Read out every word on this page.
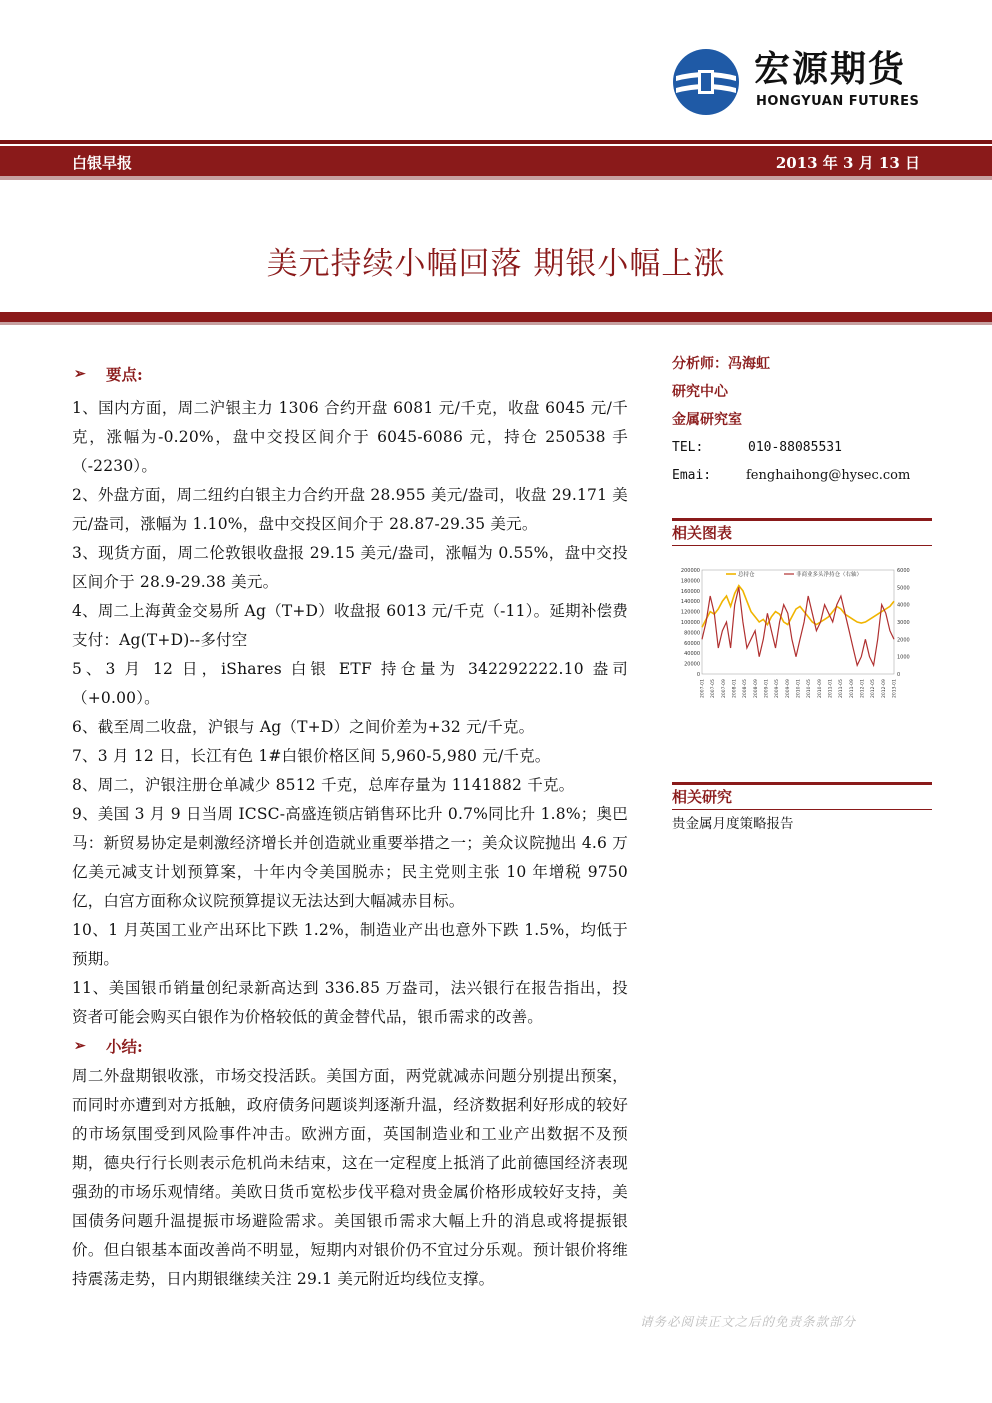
宏源期货
HONGYUAN FUTURES
白银早报	2013 年 3 月 13 日
美元持续小幅回落 期银小幅上涨
➢ 要点:

1、国内方面，周二沪银主力 1306 合约开盘 6081 元/千克，收盘 6045 元/千克，涨幅为-0.20%，盘中交投区间介于 6045-6086 元，持仓 250538 手（-2230）。

2、外盘方面，周二纽约白银主力合约开盘 28.955 美元/盎司，收盘 29.171 美元/盎司，涨幅为 1.10%，盘中交投区间介于 28.87-29.35 美元。

3、现货方面，周二伦敦银收盘报 29.15 美元/盎司，涨幅为 0.55%，盘中交投区间介于 28.9-29.38 美元。

4、周二上海黄金交易所 Ag（T+D）收盘报 6013 元/千克（-11）。延期补偿费支付：Ag(T+D)--多付空

5、3 月 12 日，iShares 白银 ETF 持仓量为 342292222.10 盎司（+0.00）。

6、截至周二收盘，沪银与 Ag（T+D）之间价差为+32 元/千克。

7、3 月 12 日，长江有色 1#白银价格区间 5,960-5,980 元/千克。

8、周二，沪银注册仓单减少 8512 千克，总库存量为 1141882 千克。

9、美国 3 月 9 日当周 ICSC-高盛连锁店销售环比升 0.7%同比升 1.8%；奥巴马：新贸易协定是刺激经济增长并创造就业重要举措之一；美众议院抛出 4.6 万亿美元减支计划预算案，十年内令美国脱赤；民主党则主张 10 年增税 9750 亿，白宫方面称众议院预算提议无法达到大幅减赤目标。

10、1 月英国工业产出环比下跌 1.2%，制造业产出也意外下跌 1.5%，均低于预期。

11、美国银币销量创纪录新高达到 336.85 万盎司，法兴银行在报告指出，投资者可能会购买白银作为价格较低的黄金替代品，银币需求的改善。

➢ 小结:

周二外盘期银收涨，市场交投活跃。美国方面，两党就减赤问题分别提出预案，而同时亦遭到对方抵触，政府债务问题谈判逐渐升温，经济数据利好形成的较好的市场氛围受到风险事件冲击。欧洲方面，英国制造业和工业产出数据不及预期，德央行行长则表示危机尚未结束，这在一定程度上抵消了此前德国经济表现强劲的市场乐观情绪。美欧日货币宽松步伐平稳对贵金属价格形成较好支持，美国债务问题升温提振市场避险需求。美国银币需求大幅上升的消息或将提振银价。但白银基本面改善尚不明显，短期内对银价仍不宜过分乐观。预计银价将维持震荡走势，日内期银继续关注 29.1 美元附近均线位支撑。

分析师：冯海虹
研究中心
金属研究室
TEL:	010-88085531
Emai:	fenghaihong@hysec.com
相关图表
0
20000
40000
60000
80000
100000
120000
140000
160000
180000
200000
0
1000
2000
3000
4000
5000
6000
2007-01 2007-05 2007-09 2008-01 2008-05 2008-09 2009-01 2009-05 2009-09 2010-01 2010-05 2010-09 2011-01 2011-05 2011-09 2012-01 2012-05 2012-09 2013-01
总持仓	非商业多头净持仓（右轴）
相关研究
贵金属月度策略报告
请务必阅读正文之后的免责条款部分
